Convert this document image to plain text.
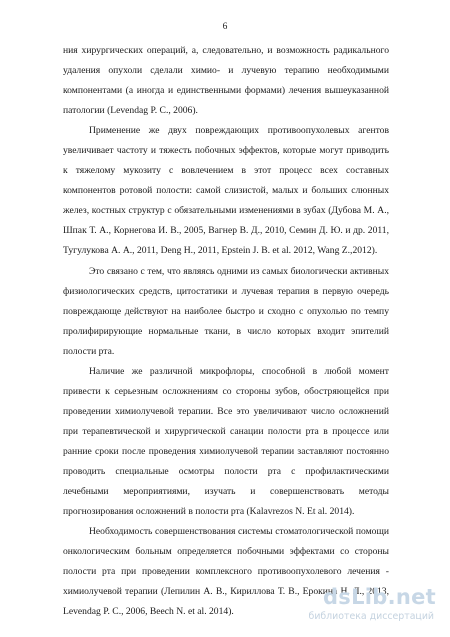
6

ния хирургических операций, а, следовательно, и возможность радикального удаления опухоли сделали химио- и лучевую терапию необходимыми компонентами (а иногда и единственными формами) лечения вышеуказанной патологии (Levendag P. C., 2006).

Применение же двух повреждающих противоопухолевых агентов увеличивает частоту и тяжесть побочных эффектов, которые могут приводить к тяжелому мукозиту с вовлечением в этот процесс всех составных компонентов ротовой полости: самой слизистой, малых и больших слюнных желез, костных структур с обязательными изменениями в зубах (Дубова М. А., Шпак Т. А., Корнегова И. В., 2005, Вагнер В. Д., 2010, Семин Д. Ю. и др. 2011, Тугулукова А. А., 2011, Deng H., 2011, Epstein J. B. et al. 2012, Wang Z.,2012).

Это связано с тем, что являясь одними из самых биологически активных физиологических средств, цитостатики и лучевая терапия в первую очередь повреждающе действуют на наиболее быстро и сходно с опухолью по темпу пролифирирующие нормальные ткани, в число которых входит эпителий полости рта.

Наличие же различной микрофлоры, способной в любой момент привести к серьезным осложнениям со стороны зубов, обостряющейся при проведении химиолучевой терапии. Все это увеличивают число осложнений при терапевтической и хирургической санации полости рта в процессе или ранние сроки после проведения химиолучевой терапии заставляют постоянно проводить специальные осмотры полости рта с профилактическими лечебными мероприятиями, изучать и совершенствовать методы прогнозирования осложнений в полости рта (Kalavrezos N. Et al. 2014).

Необходимость совершенствования системы стоматологической помощи онкологическим больным определяется побочными эффектами со стороны полости рта при проведении комплексного противоопухолевого лечения - химиолучевой терапии (Лепилин А. В., Кириллова Т. В., Ерокина Н. Л., 2013, Levendag P. C., 2006, Beech N. et al. 2014).

dsLib.net
библиотека диссертаций
